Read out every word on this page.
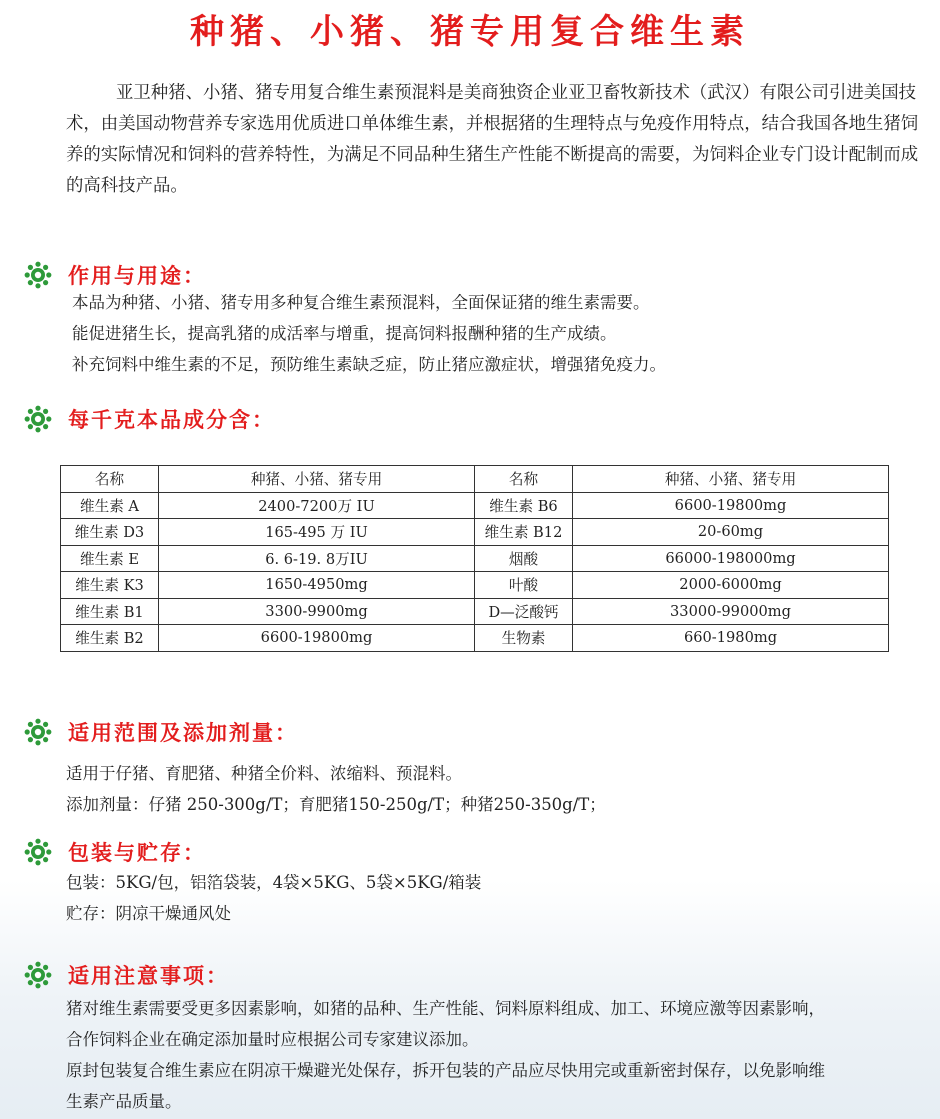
种猪、小猪、猪专用复合维生素

亚卫种猪、小猪、猪专用复合维生素预混料是美商独资企业亚卫畜牧新技术（武汉）有限公司引进美国技术，由美国动物营养专家选用优质进口单体维生素，并根据猪的生理特点与免疫作用特点，结合我国各地生猪饲养的实际情况和饲料的营养特性，为满足不同品种生猪生产性能不断提高的需要，为饲料企业专门设计配制而成的高科技产品。

作用与用途：

本品为种猪、小猪、猪专用多种复合维生素预混料，全面保证猪的维生素需要。

能促进猪生长，提高乳猪的成活率与增重，提高饲料报酬种猪的生产成绩。

补充饲料中维生素的不足，预防维生素缺乏症，防止猪应激症状，增强猪免疫力。

每千克本品成分含：
名称	种猪、小猪、猪专用	名称	种猪、小猪、猪专用
维生素 A	2400-7200万 IU	维生素 B6	6600-19800mg
维生素 D3	165-495 万 IU	维生素 B12	20-60mg
维生素 E	6. 6-19. 8万IU	烟酸	66000-198000mg
维生素 K3	1650-4950mg	叶酸	2000-6000mg
维生素 B1	3300-9900mg	D—泛酸钙	33000-99000mg
维生素 B2	6600-19800mg	生物素	660-1980mg
适用范围及添加剂量：

适用于仔猪、育肥猪、种猪全价料、浓缩料、预混料。

添加剂量：仔猪 250-300g/T；育肥猪150-250g/T；种猪250-350g/T；

包装与贮存：

包装：5KG/包，铝箔袋装，4袋×5KG、5袋×5KG/箱装

贮存：阴凉干燥通风处

适用注意事项：

猪对维生素需要受更多因素影响，如猪的品种、生产性能、饲料原料组成、加工、环境应激等因素影响，合作饲料企业在确定添加量时应根据公司专家建议添加。

原封包装复合维生素应在阴凉干燥避光处保存，拆开包装的产品应尽快用完或重新密封保存，以免影响维生素产品质量。
